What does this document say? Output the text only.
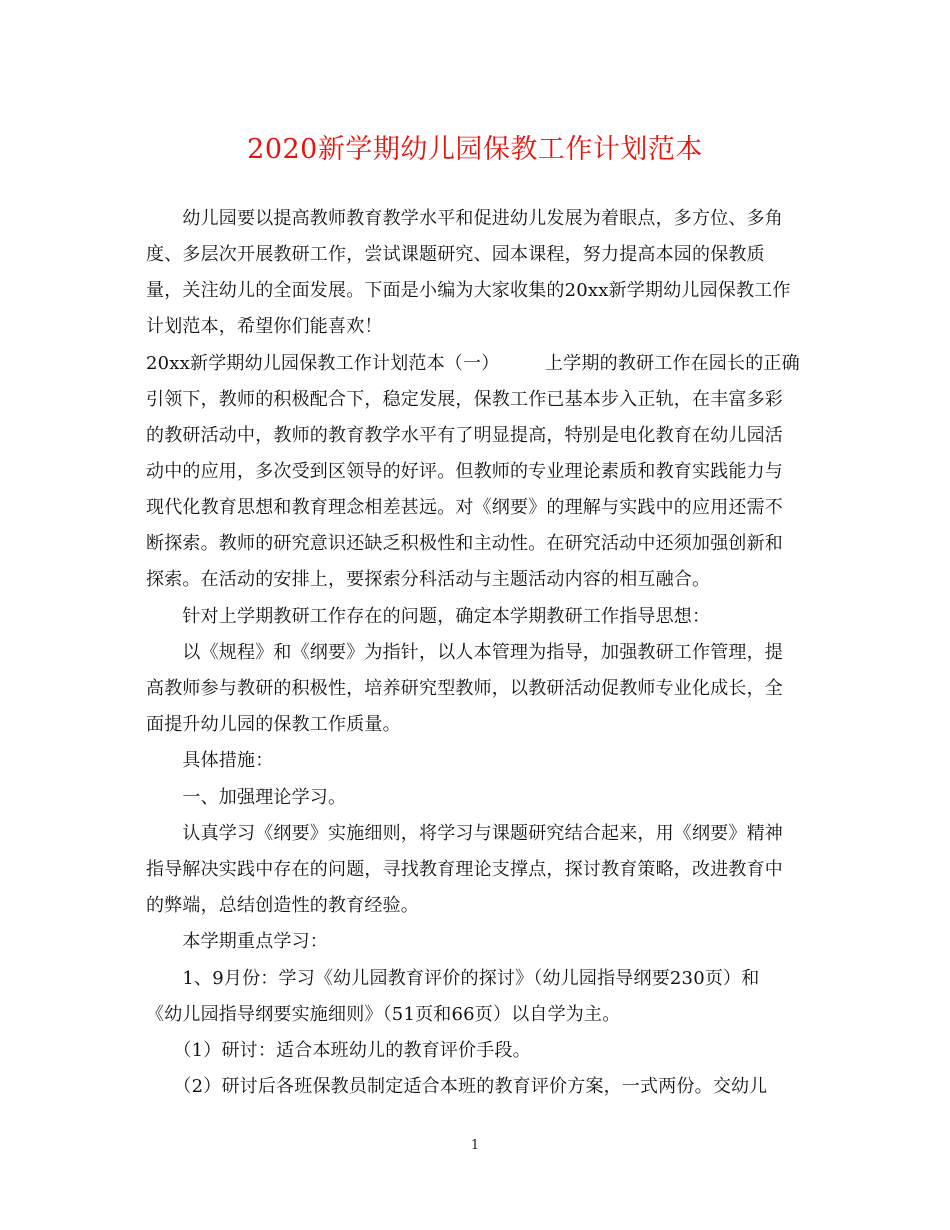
2020新学期幼儿园保教工作计划范本
　　幼儿园要以提高教师教育教学水平和促进幼儿发展为着眼点，多方位、多角
度、多层次开展教研工作，尝试课题研究、园本课程，努力提高本园的保教质
量，关注幼儿的全面发展。下面是小编为大家收集的20xx新学期幼儿园保教工作
计划范本，希望你们能喜欢！
20xx新学期幼儿园保教工作计划范本（一）　　　上学期的教研工作在园长的正确
引领下，教师的积极配合下，稳定发展，保教工作已基本步入正轨，在丰富多彩
的教研活动中，教师的教育教学水平有了明显提高，特别是电化教育在幼儿园活
动中的应用，多次受到区领导的好评。但教师的专业理论素质和教育实践能力与
现代化教育思想和教育理念相差甚远。对《纲要》的理解与实践中的应用还需不
断探索。教师的研究意识还缺乏积极性和主动性。在研究活动中还须加强创新和
探索。在活动的安排上，要探索分科活动与主题活动内容的相互融合。
　　针对上学期教研工作存在的问题，确定本学期教研工作指导思想：
　　以《规程》和《纲要》为指针，以人本管理为指导，加强教研工作管理，提
高教师参与教研的积极性，培养研究型教师，以教研活动促教师专业化成长，全
面提升幼儿园的保教工作质量。
　　具体措施：
　　一、加强理论学习。
　　认真学习《纲要》实施细则，将学习与课题研究结合起来，用《纲要》精神
指导解决实践中存在的问题，寻找教育理论支撑点，探讨教育策略，改进教育中
的弊端，总结创造性的教育经验。
　　本学期重点学习：
　　1、9月份：学习《幼儿园教育评价的探讨》（幼儿园指导纲要230页）和
《幼儿园指导纲要实施细则》（51页和66页）以自学为主。
　　（1）研讨：适合本班幼儿的教育评价手段。
　　（2）研讨后各班保教员制定适合本班的教育评价方案，一式两份。交幼儿
1
